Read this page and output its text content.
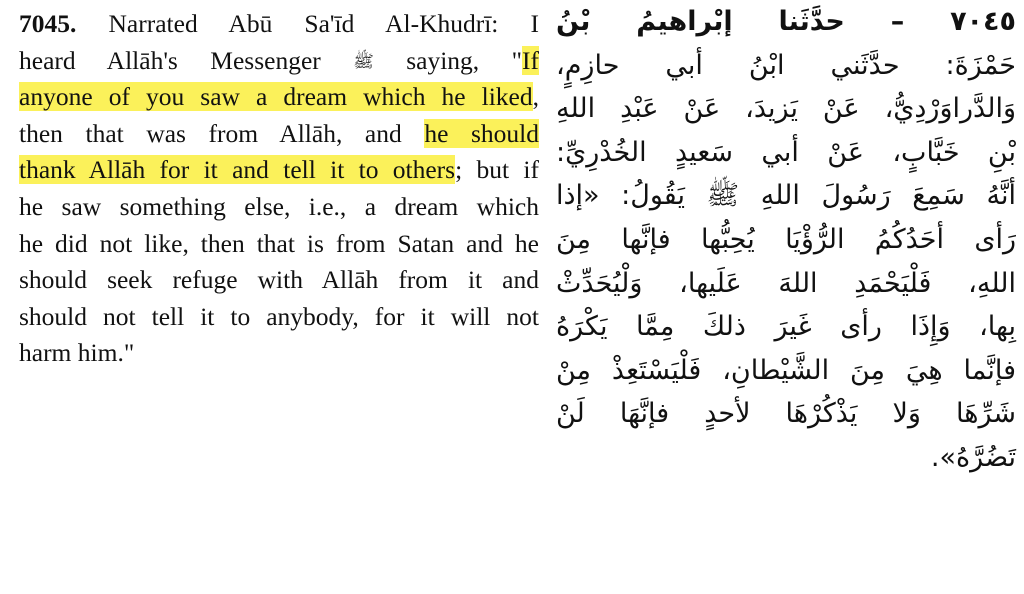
7045. Narrated Abū Sa'īd Al-Khudrī: I
heard Allāh's Messenger ﷺ saying, "If
anyone of you saw a dream which he liked,
then that was from Allāh, and he should
thank Allāh for it and tell it to others; but if
he saw something else, i.e., a dream which
he did not like, then that is from Satan and he
should seek refuge with Allāh from it and
should not tell it to anybody, for it will not
harm him."
٧٠٤٥ – حدَّثَنا إبْراهيمُ بْنُ
حَمْزَةَ: حدَّثَني ابْنُ أبي حازِمٍ،
وَالدَّراوَرْدِيُّ، عَنْ يَزيدَ، عَنْ عَبْدِ اللهِ
بْنِ خَبَّابٍ، عَنْ أبي سَعيدٍ الخُدْرِيِّ:
أنَّهُ سَمِعَ رَسُولَ اللهِ ﷺ يَقُولُ: «إذا
رَأى أحَدُكُمُ الرُّؤْيَا يُحِبُّها فإنَّها مِنَ
اللهِ، فَلْيَحْمَدِ اللهَ عَلَيها، وَلْيُحَدِّثْ
بِها، وَإِذَا رأى غَيرَ ذلكَ مِمَّا يَكْرَهُ
فإنَّما هِيَ مِنَ الشَّيْطانِ، فَلْيَسْتَعِذْ مِنْ
شَرِّهَا وَلا يَذْكُرْهَا لأحدٍ فإنَّهَا لَنْ
تَضُرَّهُ».
